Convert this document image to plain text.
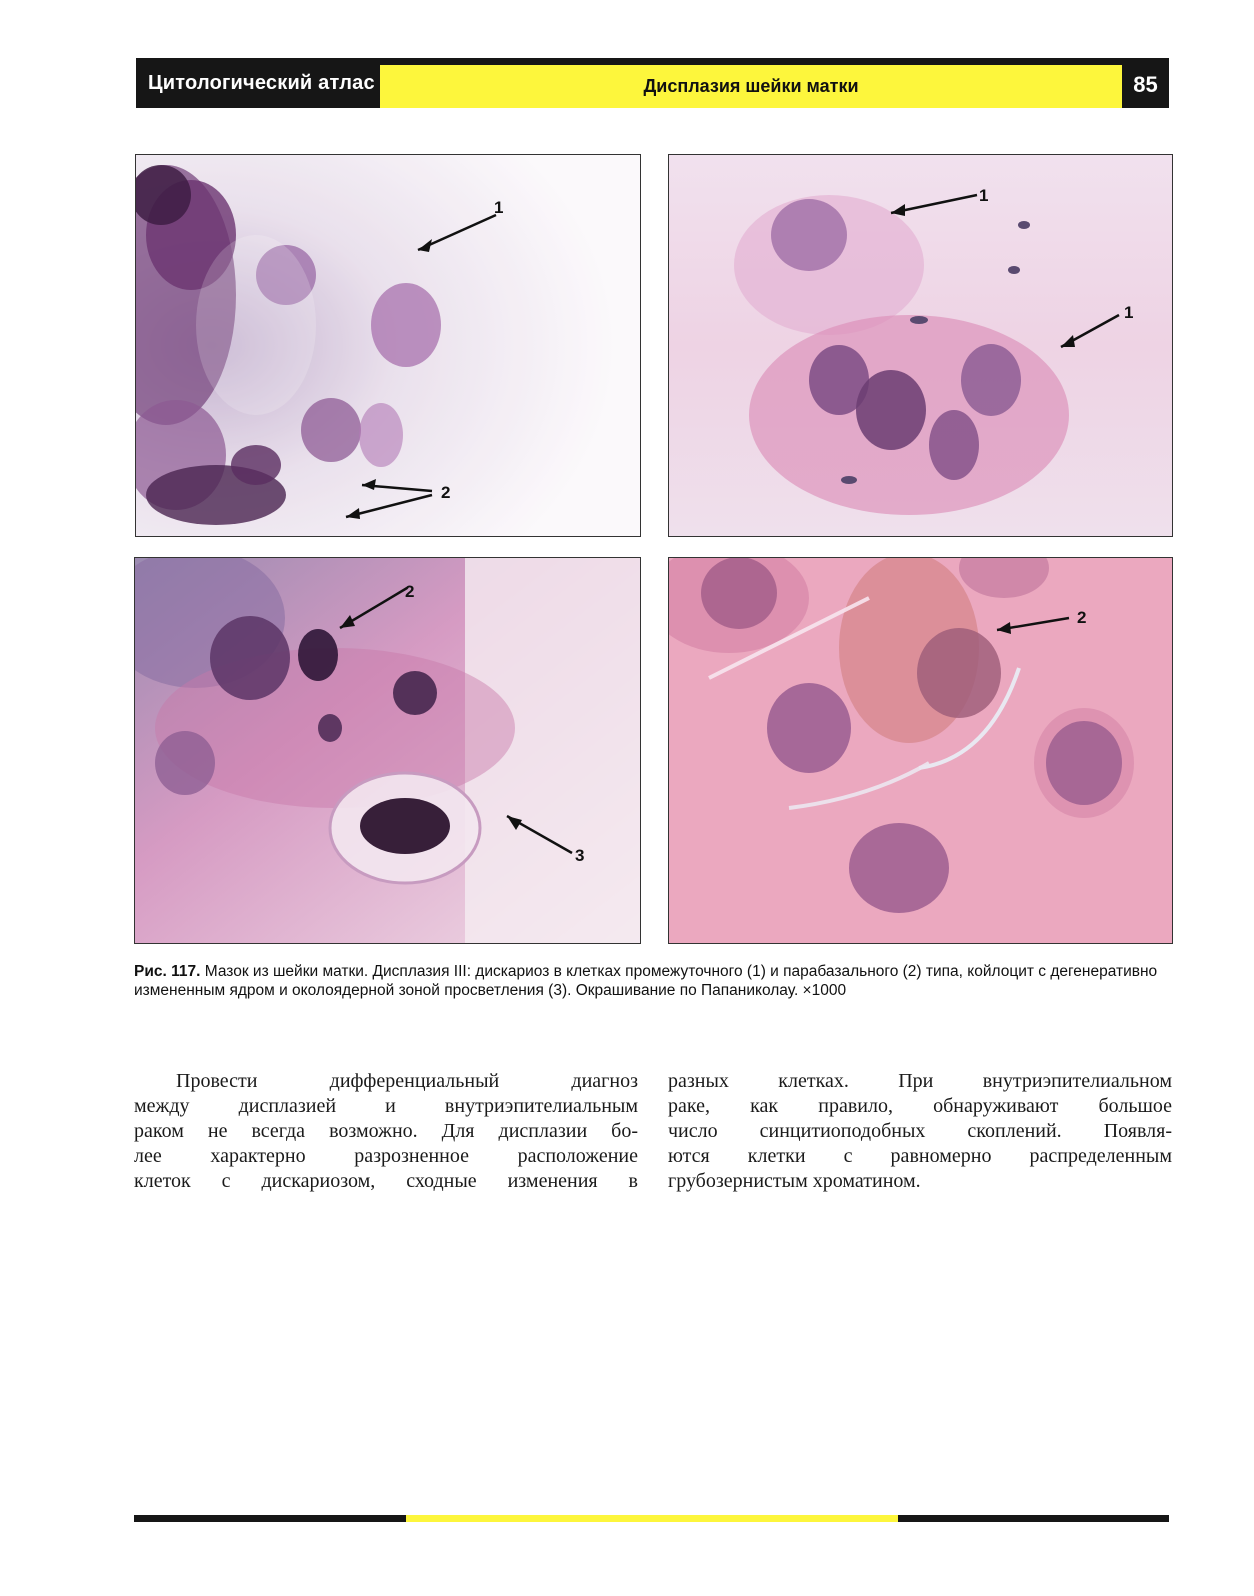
Цитологический атлас	Дисплазия шейки матки	85
1
2
1
1
2
3
2
Рис. 117. Мазок из шейки матки. Дисплазия III: дискариоз в клетках промежуточного (1) и парабазального (2) типа, койлоцит с дегенеративно измененным ядром и околоядерной зоной просветления (3). Окрашивание по Папаниколау. ×1000
Провести дифференциальный диагноз
между дисплазией и внутриэпителиальным
раком не всегда возможно. Для дисплазии бо-
лее характерно разрозненное расположение
клеток с дискариозом, сходные изменения в
разных клетках. При внутриэпителиальном
раке, как правило, обнаруживают большое
число синцитиоподобных скоплений. Появля-
ются клетки с равномерно распределенным
грубозернистым хроматином.
